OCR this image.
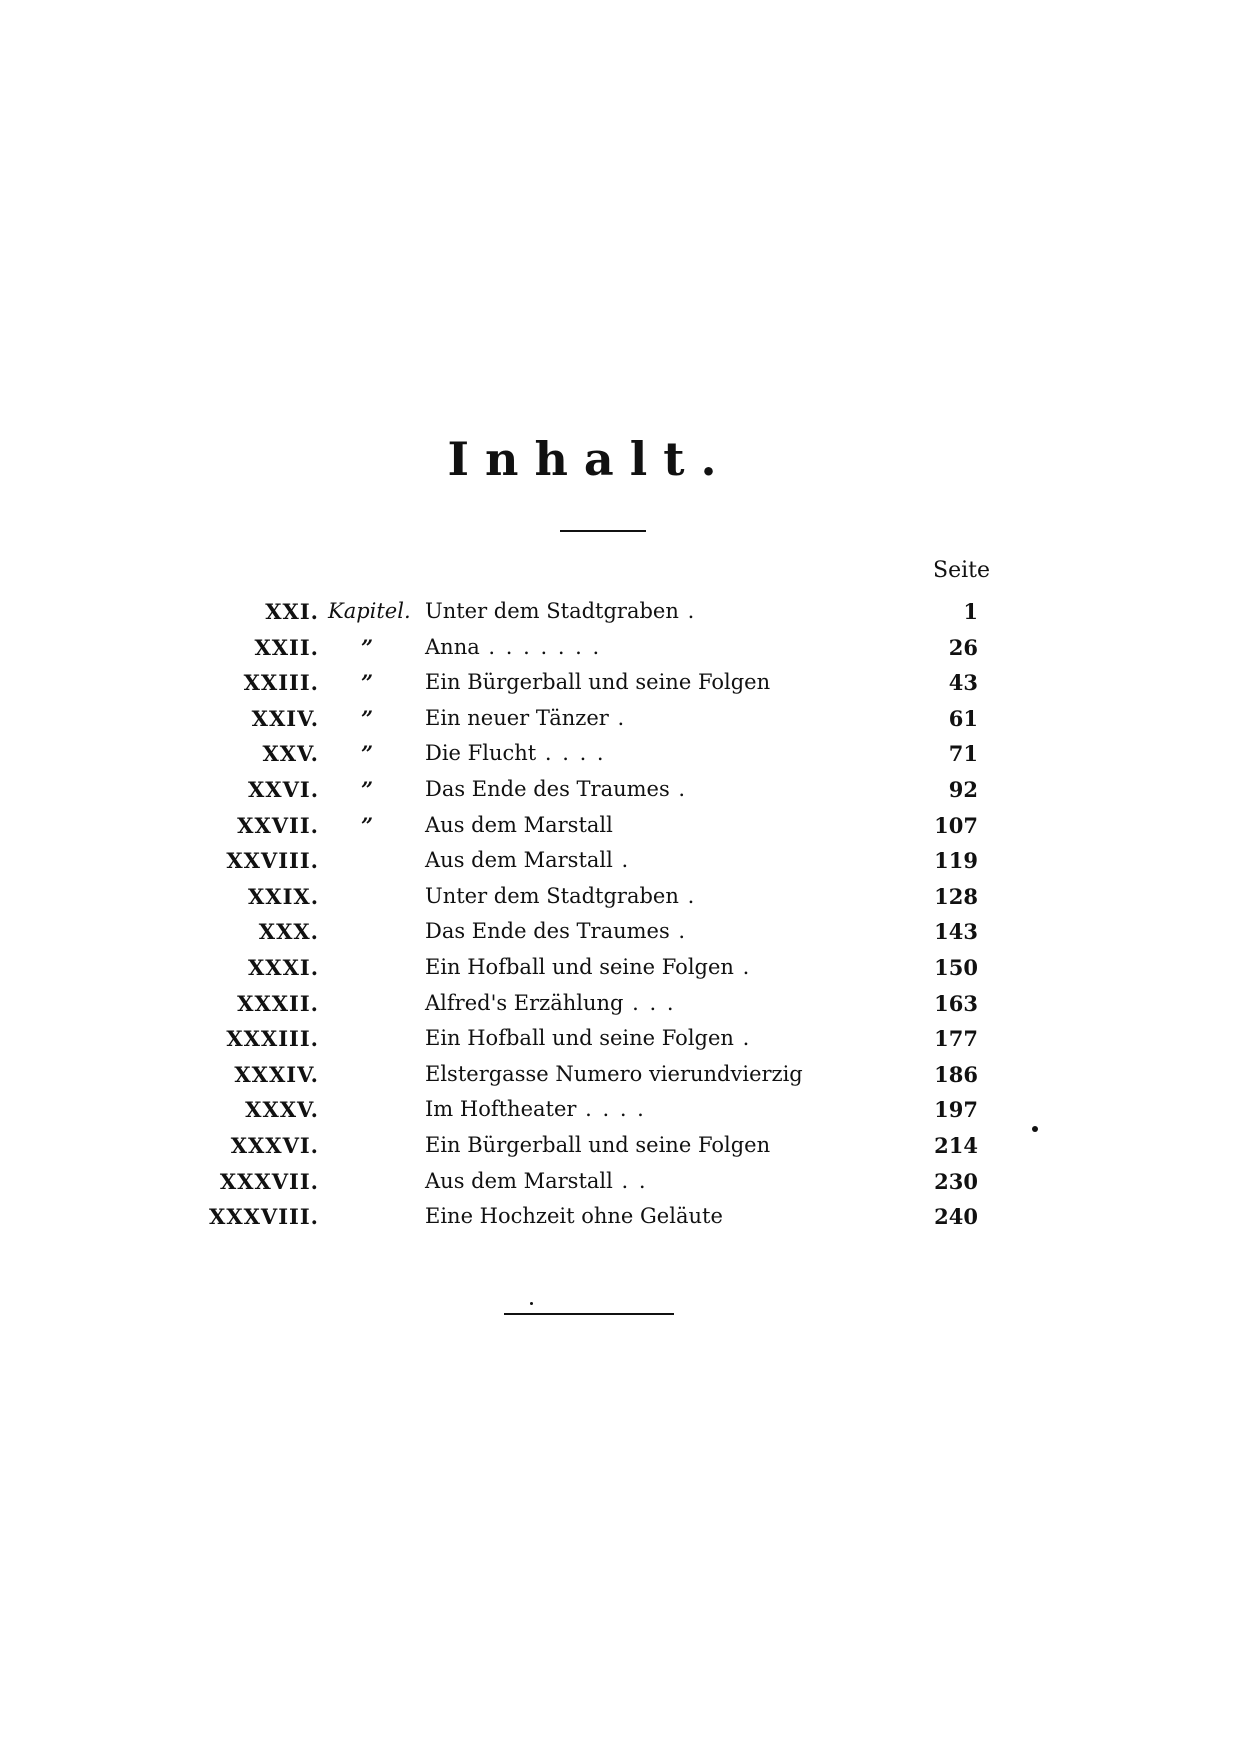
Inhalt.
Seite
XXI. Kapitel. Unter dem Stadtgraben .	1
XXII. ”	Anna . . . . . . .	26
XXIII. ”	Ein Bürgerball und seine Folgen	43
XXIV. ”	Ein neuer Tänzer .	61
XXV. ”	Die Flucht . . . .	71
XXVI. ”	Das Ende des Traumes .	92
XXVII. ”	Aus dem Marstall	107
XXVIII.	Aus dem Marstall .	119
XXIX.	Unter dem Stadtgraben .	128
XXX.	Das Ende des Traumes .	143
XXXI.	Ein Hofball und seine Folgen .	150
XXXII.	Alfred's Erzählung . . .	163
XXXIII.	Ein Hofball und seine Folgen .	177
XXXIV.	Elstergasse Numero vierundvierzig	186
XXXV.	Im Hoftheater . . . .	197
XXXVI.	Ein Bürgerball und seine Folgen	214
XXXVII.	Aus dem Marstall . .	230
XXXVIII.	Eine Hochzeit ohne Geläute	240
